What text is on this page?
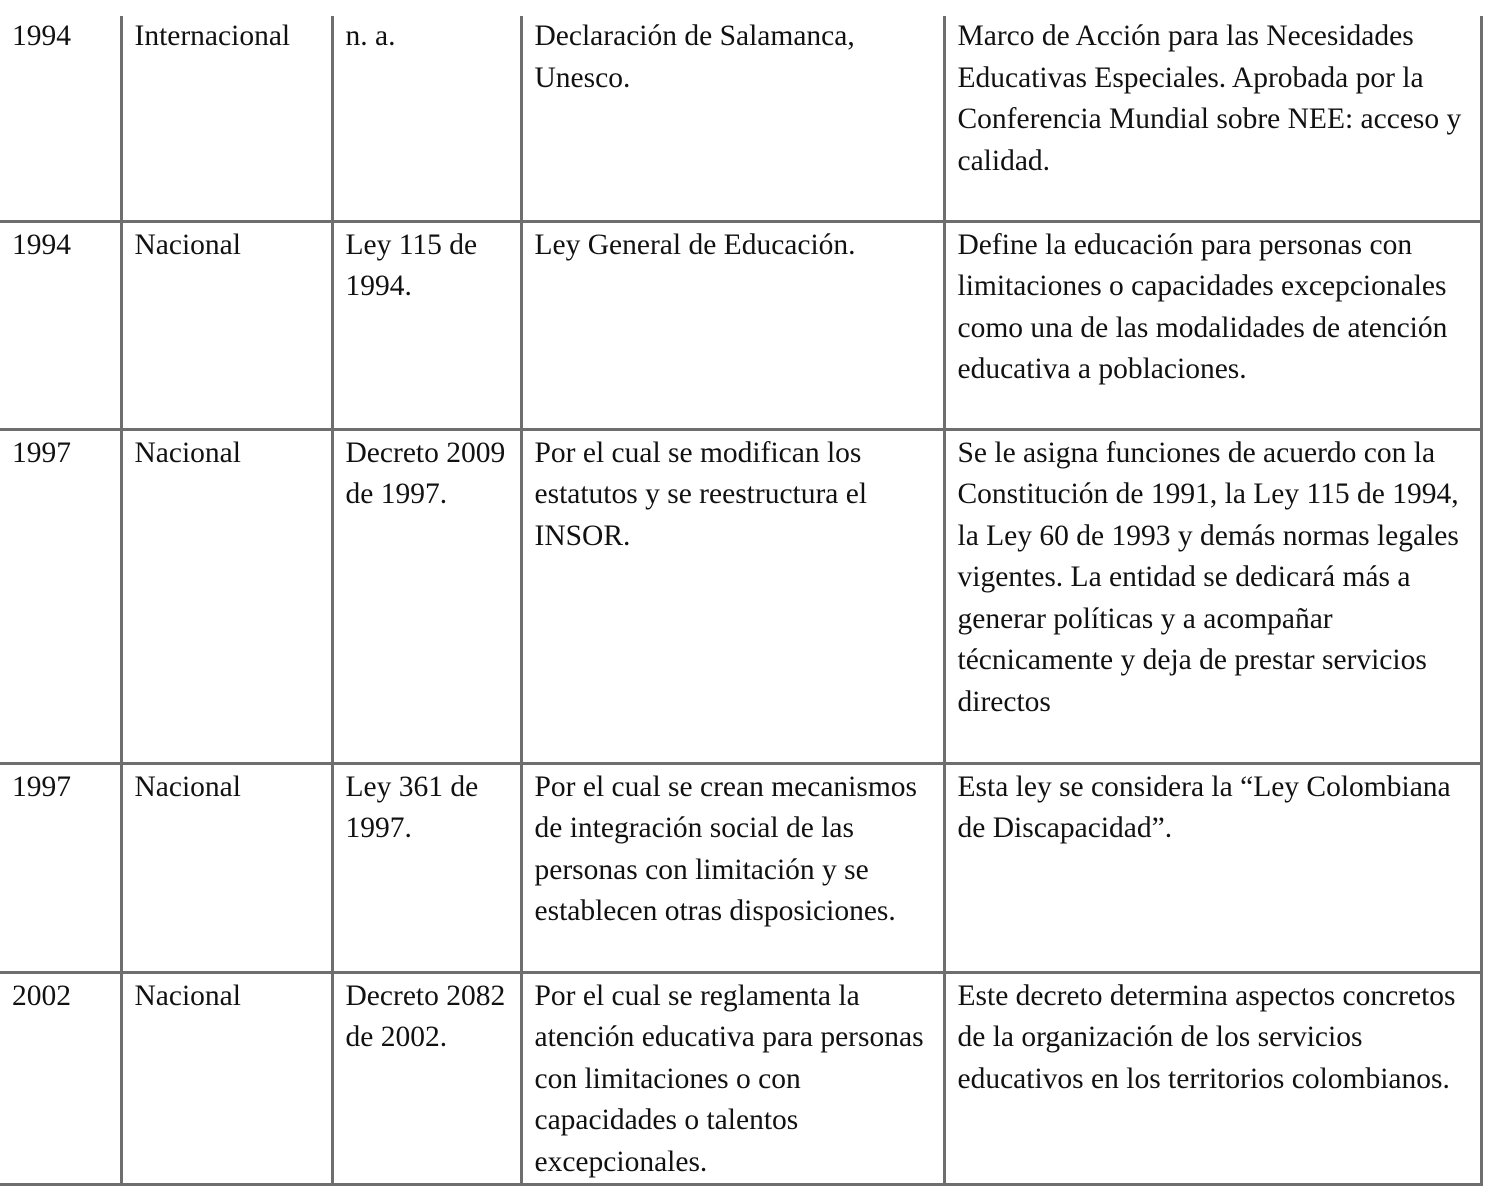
1994	Internacional	n. a.	Declaración de Salamanca, Unesco.	Marco de Acción para las Necesidades Educativas Especiales. Aprobada por la Conferencia Mundial sobre NEE: acceso y calidad.
1994	Nacional	Ley 115 de 1994.	Ley General de Educación.	Define la educación para personas con limitaciones o capacidades excepcionales como una de las modalidades de atención educativa a poblaciones.
1997	Nacional	Decreto 2009 de 1997.	Por el cual se modifican los estatutos y se reestructura el INSOR.	Se le asigna funciones de acuerdo con la Constitución de 1991, la Ley 115 de 1994, la Ley 60 de 1993 y demás normas legales vigentes. La entidad se dedicará más a generar políticas y a acompañar técnicamente y deja de prestar servicios directos
1997	Nacional	Ley 361 de 1997.	Por el cual se crean mecanismos de integración social de las personas con limitación y se establecen otras disposiciones.	Esta ley se considera la “Ley Colombiana de Discapacidad”.
2002	Nacional	Decreto 2082 de 2002.	Por el cual se reglamenta la atención educativa para personas con limitaciones o con capacidades o talentos excepcionales.	Este decreto determina aspectos concretos de la organización de los servicios educativos en los territorios colombianos.
